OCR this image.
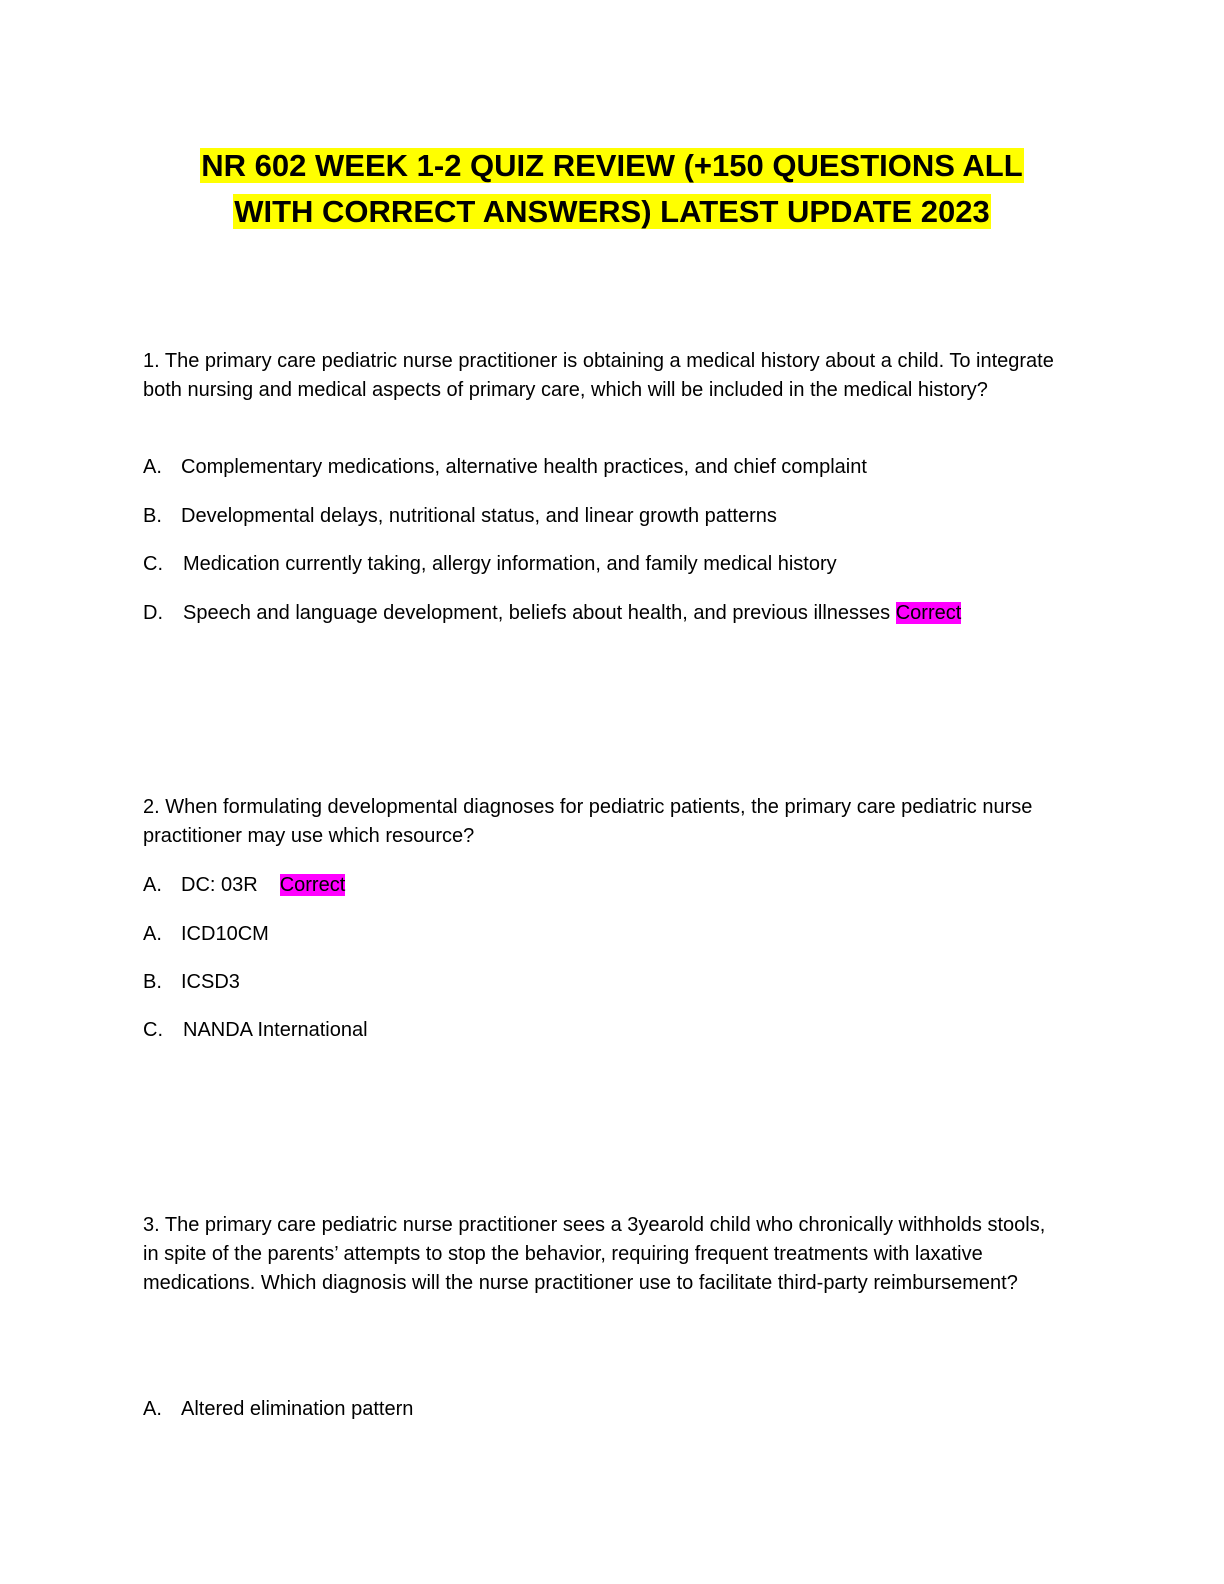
NR 602 WEEK 1-2 QUIZ REVIEW (+150 QUESTIONS ALL
WITH CORRECT ANSWERS) LATEST UPDATE 2023

1. The primary care pediatric nurse practitioner is obtaining a medical history about a child. To integrate both nursing and medical aspects of primary care, which will be included in the medical history?

A. Complementary medications, alternative health practices, and chief complaint

B. Developmental delays, nutritional status, and linear growth patterns

C. Medication currently taking, allergy information, and family medical history

D. Speech and language development, beliefs about health, and previous illnesses Correct

2. When formulating developmental diagnoses for pediatric patients, the primary care pediatric nurse practitioner may use which resource?

A. DC: 03R Correct

A. ICD10CM

B. ICSD3

C. NANDA International

3. The primary care pediatric nurse practitioner sees a 3yearold child who chronically withholds stools, in spite of the parents’ attempts to stop the behavior, requiring frequent treatments with laxative medications. Which diagnosis will the nurse practitioner use to facilitate third-party reimbursement?

A. Altered elimination pattern
